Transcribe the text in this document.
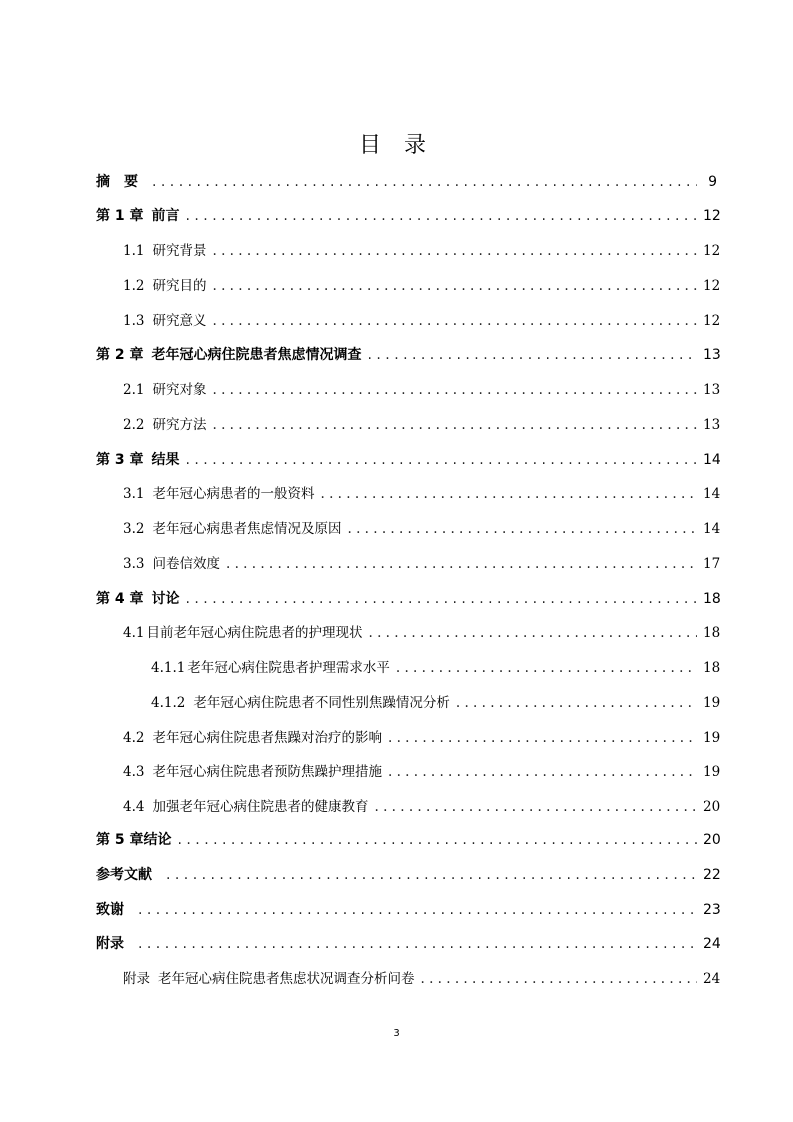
目 录
摘　要 . . .	9
第 1 章 前言 . . .	12
1.1 研究背景 . . .	12
1.2 研究目的 . . .	12
1.3 研究意义 . . .	12
第 2 章 老年冠心病住院患者焦虑情况调查 . . .	13
2.1 研究对象 . . .	13
2.2 研究方法 . . .	13
第 3 章 结果 . . .	14
3.1 老年冠心病患者的一般资料 . . .	14
3.2 老年冠心病患者焦虑情况及原因 . . .	14
3.3 问卷信效度 . . .	17
第 4 章 讨论 . . .	18
4.1 目前老年冠心病住院患者的护理现状 . . .	18
4.1.1 老年冠心病住院患者护理需求水平 . . .	18
4.1.2 老年冠心病住院患者不同性别焦躁情况分析 . . .	19
4.2 老年冠心病住院患者焦躁对治疗的影响 . . .	19
4.3 老年冠心病住院患者预防焦躁护理措施 . . .	19
4.4 加强老年冠心病住院患者的健康教育 . . .	20
第 5 章 结论 . . .	20
参考文献 . . .	22
致谢 . . .	23
附录 . . .	24
附录 老年冠心病住院患者焦虑状况调查分析问卷 . . .	24
3
